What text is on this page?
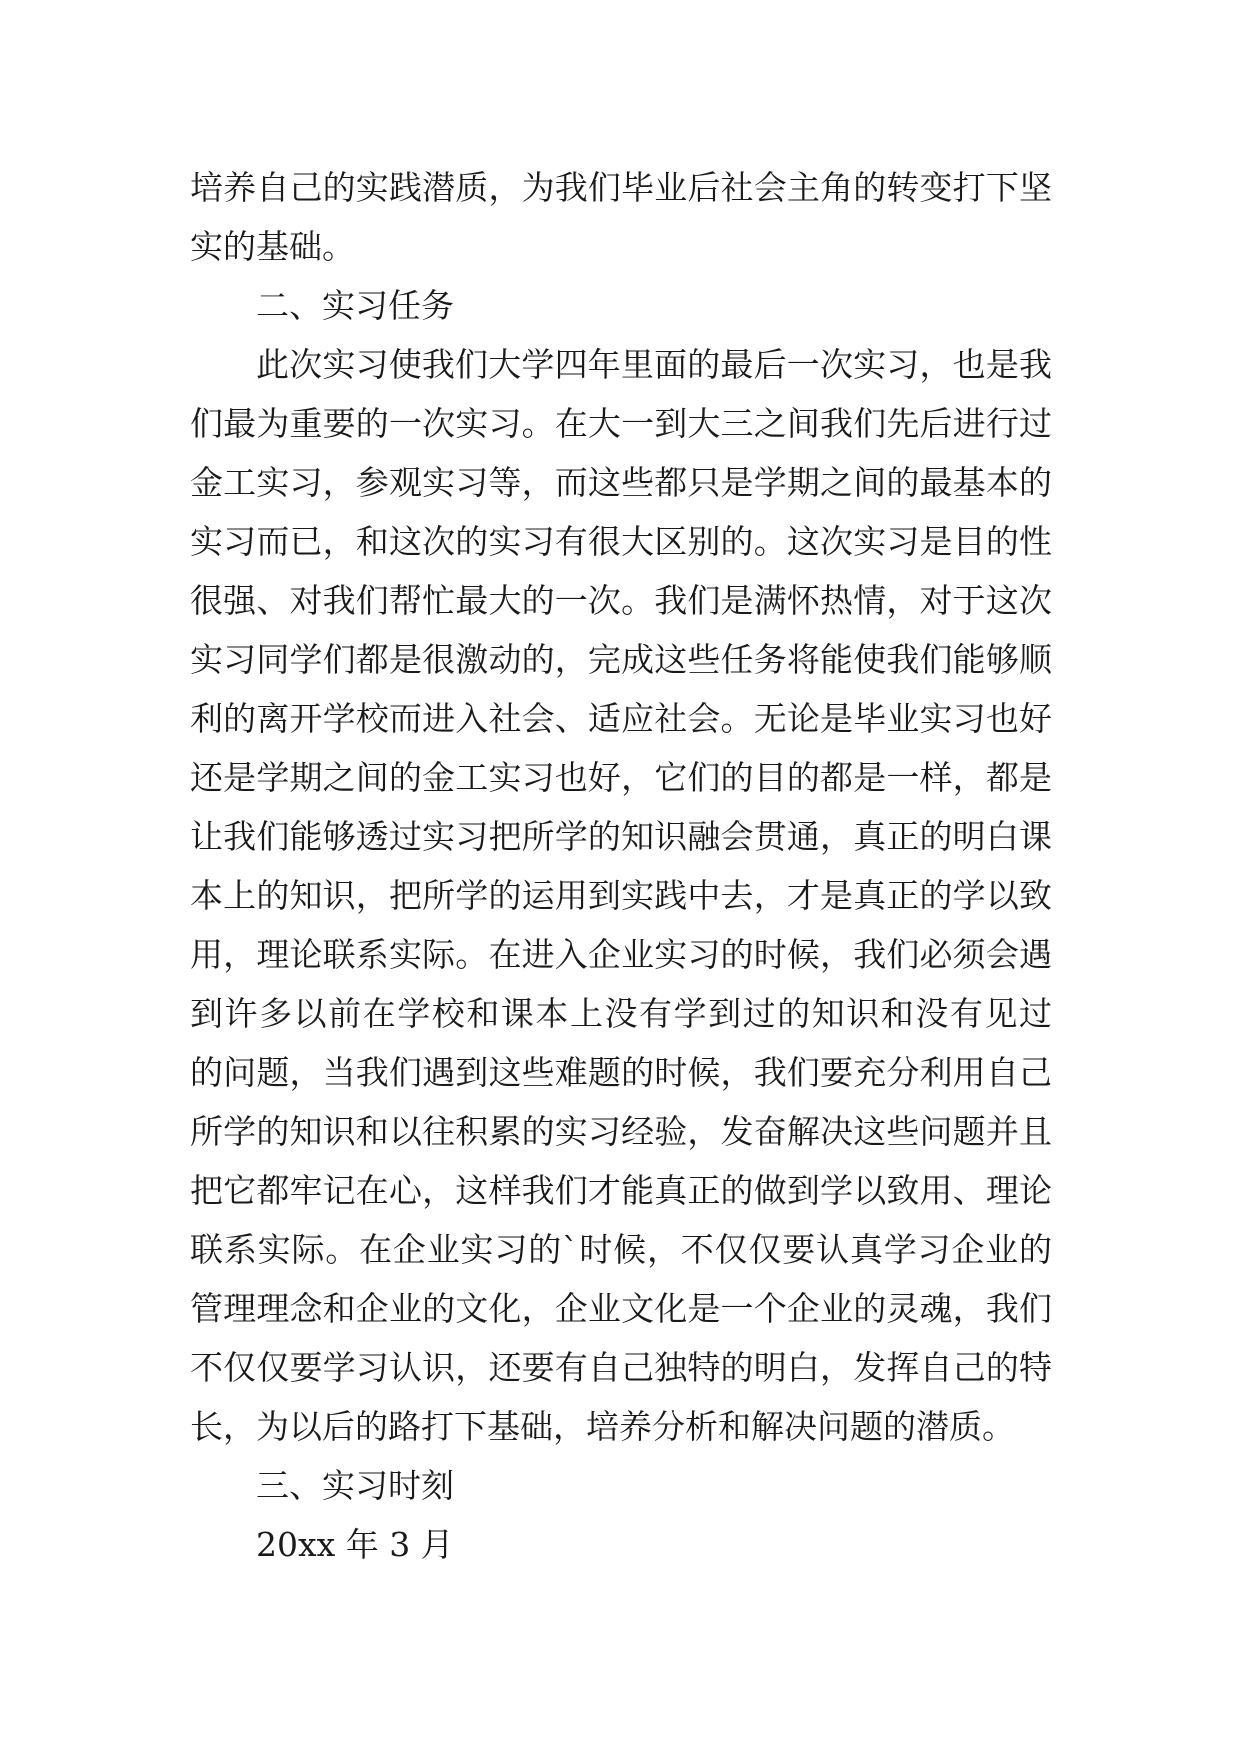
培养自己的实践潜质，为我们毕业后社会主角的转变打下坚
实的基础。
二、实习任务
此次实习使我们大学四年里面的最后一次实习，也是我
们最为重要的一次实习。在大一到大三之间我们先后进行过
金工实习，参观实习等，而这些都只是学期之间的最基本的
实习而已，和这次的实习有很大区别的。这次实习是目的性
很强、对我们帮忙最大的一次。我们是满怀热情，对于这次
实习同学们都是很激动的，完成这些任务将能使我们能够顺
利的离开学校而进入社会、适应社会。无论是毕业实习也好
还是学期之间的金工实习也好，它们的目的都是一样，都是
让我们能够透过实习把所学的知识融会贯通，真正的明白课
本上的知识，把所学的运用到实践中去，才是真正的学以致
用，理论联系实际。在进入企业实习的时候，我们必须会遇
到许多以前在学校和课本上没有学到过的知识和没有见过
的问题，当我们遇到这些难题的时候，我们要充分利用自己
所学的知识和以往积累的实习经验，发奋解决这些问题并且
把它都牢记在心，这样我们才能真正的做到学以致用、理论
联系实际。在企业实习的`时候，不仅仅要认真学习企业的
管理理念和企业的文化，企业文化是一个企业的灵魂，我们
不仅仅要学习认识，还要有自己独特的明白，发挥自己的特
长，为以后的路打下基础，培养分析和解决问题的潜质。
三、实习时刻
20xx 年 3 月
